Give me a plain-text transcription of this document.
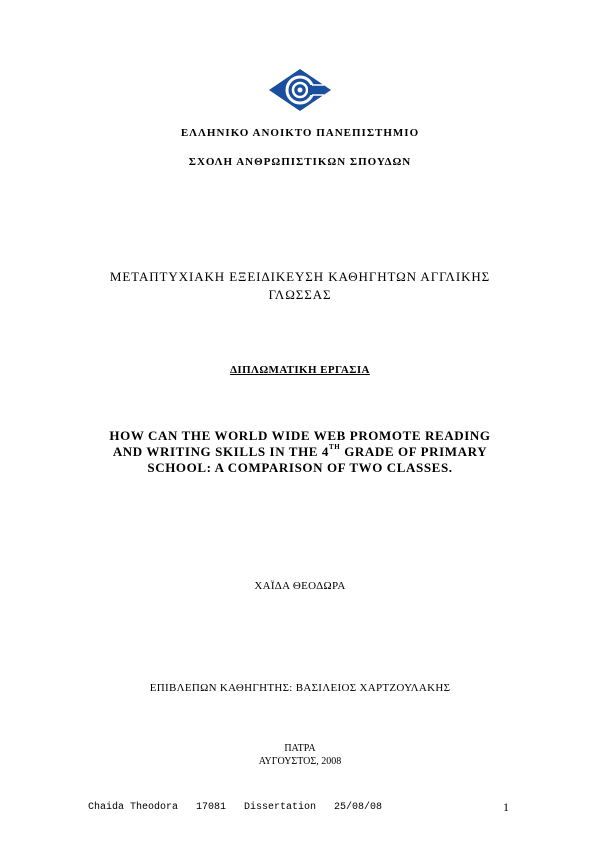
ΕΛΛΗΝΙΚΟ ΑΝΟΙΚΤΟ ΠΑΝΕΠΙΣΤΗΜΙΟ
ΣΧΟΛΗ ΑΝΘΡΩΠΙΣΤΙΚΩΝ ΣΠΟΥΔΩΝ
ΜΕΤΑΠΤΥΧΙΑΚΗ ΕΞΕΙΔΙΚΕΥΣΗ ΚΑΘΗΓΗΤΩΝ ΑΓΓΛΙΚΗΣ
ΓΛΩΣΣΑΣ
ΔΙΠΛΩΜΑΤΙΚΗ ΕΡΓΑΣΙΑ
HOW CAN THE WORLD WIDE WEB PROMOTE READING AND WRITING SKILLS IN THE 4TH GRADE OF PRIMARY SCHOOL: A COMPARISON OF TWO CLASSES.
ΧΑΪΔΑ ΘΕΟΔΩΡΑ
ΕΠΙΒΛΕΠΩΝ ΚΑΘΗΓΗΤΗΣ: ΒΑΣΙΛΕΙΟΣ ΧΑΡΤΖΟΥΛΑΚΗΣ
ΠΑΤΡΑ
ΑΥΓΟΥΣΤΟΣ, 2008
Chaida Theodora 17081 Dissertation 25/08/08	1
